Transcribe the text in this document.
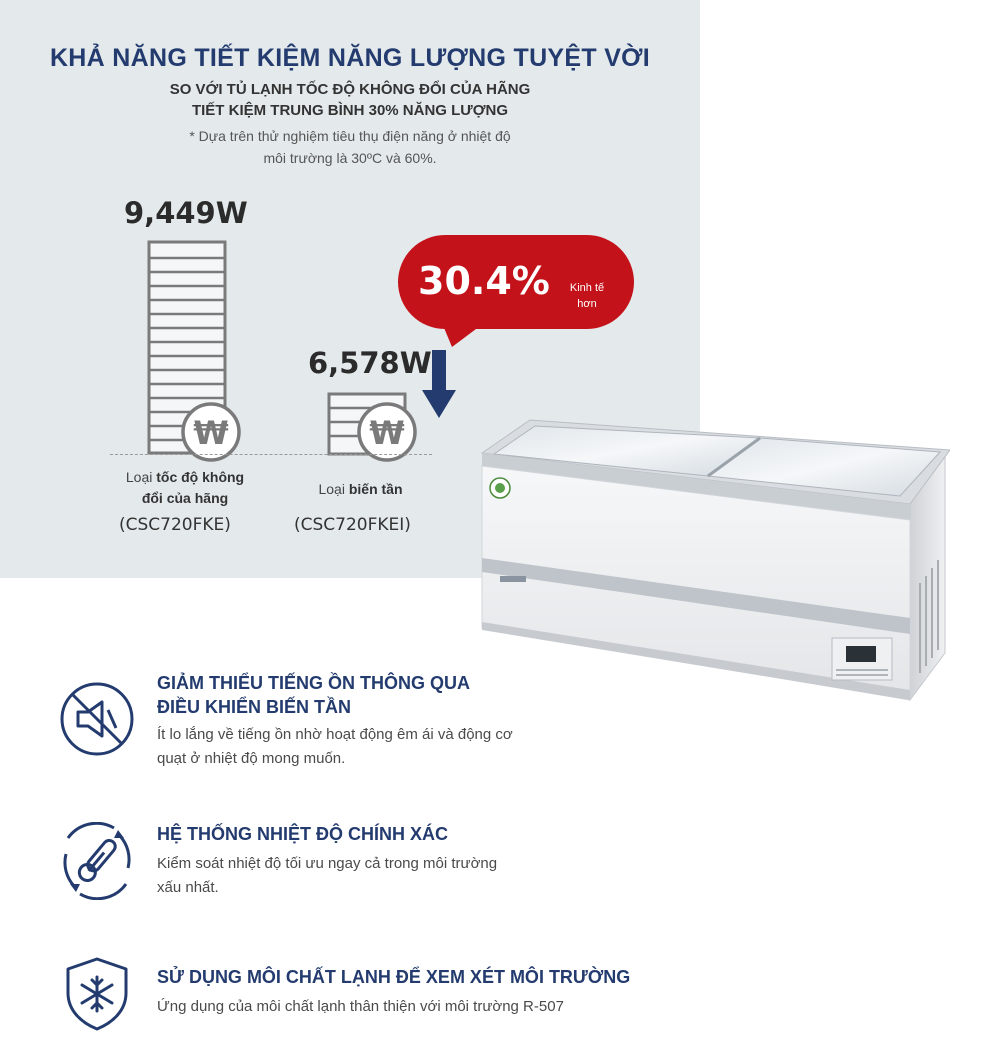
KHẢ NĂNG TIẾT KIỆM NĂNG LƯỢNG TUYỆT VỜI

SO VỚI TỦ LẠNH TỐC ĐỘ KHÔNG ĐỔI CỦA HÃNG

TIẾT KIỆM TRUNG BÌNH 30% NĂNG LƯỢNG

* Dựa trên thử nghiệm tiêu thụ điện năng ở nhiệt độ

môi trường là 30ºC và 60%.

9,449W
6,578W
₩	₩
Loại tốc độ không
đổi của hãng
(CSC720FKE)
Loại biến tần
(CSC720FKEI)
30.4%	Kinh tế
hơn
GIẢM THIỂU TIẾNG ỒN THÔNG QUA
ĐIỀU KHIỂN BIẾN TẦN
Ít lo lắng về tiếng ồn nhờ hoạt động êm ái và động cơ
quạt ở nhiệt độ mong muốn.
HỆ THỐNG NHIỆT ĐỘ CHÍNH XÁC
Kiểm soát nhiệt độ tối ưu ngay cả trong môi trường
xấu nhất.
SỬ DỤNG MÔI CHẤT LẠNH ĐỂ XEM XÉT MÔI TRƯỜNG
Ứng dụng của môi chất lạnh thân thiện với môi trường R-507
